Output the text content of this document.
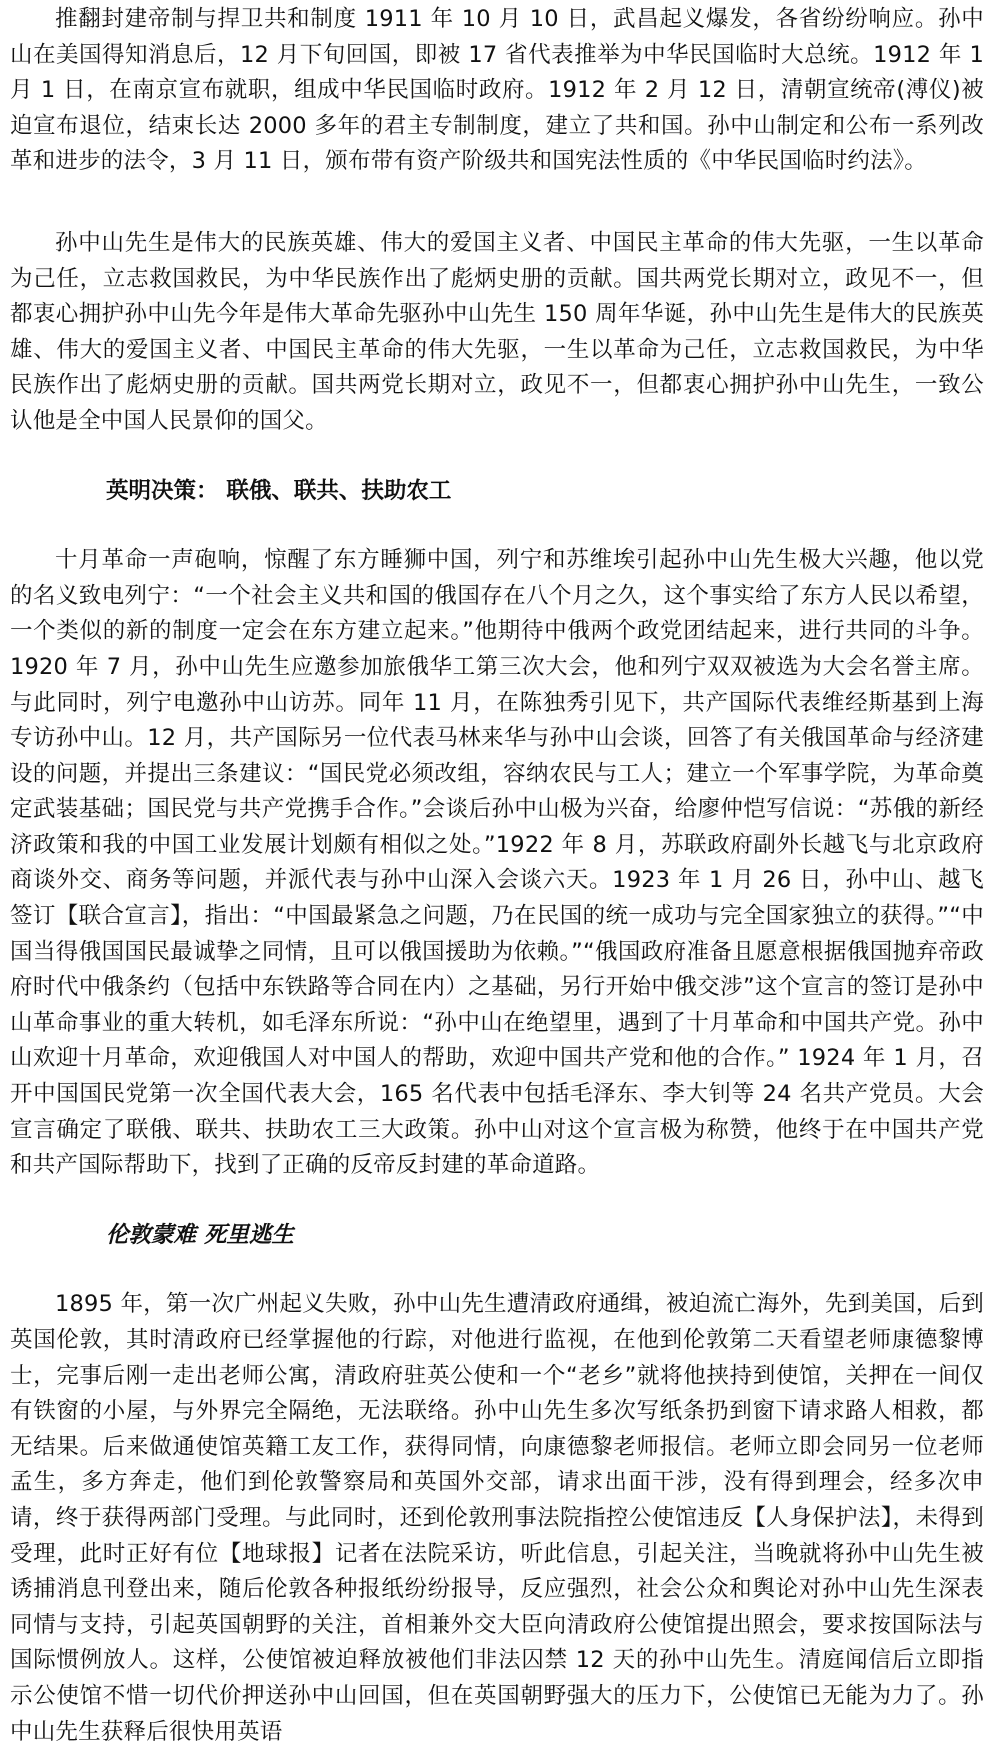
推翻封建帝制与捍卫共和制度 1911 年 10 月 10 日，武昌起义爆发，各省纷纷响应。孙中山在美国得知消息后，12 月下旬回国，即被 17 省代表推举为中华民国临时大总统。1912 年 1 月 1 日，在南京宣布就职，组成中华民国临时政府。1912 年 2 月 12 日，清朝宣统帝(溥仪)被迫宣布退位，结束长达 2000 多年的君主专制制度，建立了共和国。孙中山制定和公布一系列改革和进步的法令，3 月 11 日，颁布带有资产阶级共和国宪法性质的《中华民国临时约法》。

孙中山先生是伟大的民族英雄、伟大的爱国主义者、中国民主革命的伟大先驱，一生以革命为己任，立志救国救民，为中华民族作出了彪炳史册的贡献。国共两党长期对立，政见不一，但都衷心拥护孙中山先今年是伟大革命先驱孙中山先生 150 周年华诞，孙中山先生是伟大的民族英雄、伟大的爱国主义者、中国民主革命的伟大先驱，一生以革命为己任，立志救国救民，为中华民族作出了彪炳史册的贡献。国共两党长期对立，政见不一，但都衷心拥护孙中山先生，一致公认他是全中国人民景仰的国父。

英明决策： 联俄、联共、扶助农工

十月革命一声砲响，惊醒了东方睡狮中国，列宁和苏维埃引起孙中山先生极大兴趣，他以党的名义致电列宁：“一个社会主义共和国的俄国存在八个月之久，这个事实给了东方人民以希望，一个类似的新的制度一定会在东方建立起来。”他期待中俄两个政党团结起来，进行共同的斗争。1920 年 7 月，孙中山先生应邀参加旅俄华工第三次大会，他和列宁双双被选为大会名誉主席。与此同时，列宁电邀孙中山访苏。同年 11 月，在陈独秀引见下，共产国际代表维经斯基到上海专访孙中山。12 月，共产国际另一位代表马林来华与孙中山会谈，回答了有关俄国革命与经济建设的问题，并提出三条建议：“国民党必须改组，容纳农民与工人；建立一个军事学院，为革命奠定武装基础；国民党与共产党携手合作。”会谈后孙中山极为兴奋，给廖仲恺写信说：“苏俄的新经济政策和我的中国工业发展计划颇有相似之处。”1922 年 8 月，苏联政府副外长越飞与北京政府商谈外交、商务等问题，并派代表与孙中山深入会谈六天。1923 年 1 月 26 日，孙中山、越飞签订【联合宣言】，指出：“中国最紧急之问题，乃在民国的统一成功与完全国家独立的获得。”“中国当得俄国国民最诚挚之同情，且可以俄国援助为依赖。”“俄国政府准备且愿意根据俄国抛弃帝政府时代中俄条约（包括中东铁路等合同在内）之基础，另行开始中俄交涉”这个宣言的签订是孙中山革命事业的重大转机，如毛泽东所说：“孙中山在绝望里，遇到了十月革命和中国共产党。孙中山欢迎十月革命，欢迎俄国人对中国人的帮助，欢迎中国共产党和他的合作。” 1924 年 1 月，召开中国国民党第一次全国代表大会，165 名代表中包括毛泽东、李大钊等 24 名共产党员。大会宣言确定了联俄、联共、扶助农工三大政策。孙中山对这个宣言极为称赞，他终于在中国共产党和共产国际帮助下，找到了正确的反帝反封建的革命道路。

伦敦蒙难 死里逃生

1895 年，第一次广州起义失败，孙中山先生遭清政府通缉，被迫流亡海外，先到美国，后到英国伦敦，其时清政府已经掌握他的行踪，对他进行监视，在他到伦敦第二天看望老师康德黎博士，完事后刚一走出老师公寓，清政府驻英公使和一个“老乡”就将他挟持到使馆，关押在一间仅有铁窗的小屋，与外界完全隔绝，无法联络。孙中山先生多次写纸条扔到窗下请求路人相救，都无结果。后来做通使馆英籍工友工作，获得同情，向康德黎老师报信。老师立即会同另一位老师孟生，多方奔走，他们到伦敦警察局和英国外交部，请求出面干涉，没有得到理会，经多次申请，终于获得两部门受理。与此同时，还到伦敦刑事法院指控公使馆违反【人身保护法】，未得到受理，此时正好有位【地球报】记者在法院采访，听此信息，引起关注，当晚就将孙中山先生被诱捕消息刊登出来，随后伦敦各种报纸纷纷报导，反应强烈，社会公众和舆论对孙中山先生深表同情与支持，引起英国朝野的关注，首相兼外交大臣向清政府公使馆提出照会，要求按国际法与国际惯例放人。这样，公使馆被迫释放被他们非法囚禁 12 天的孙中山先生。清庭闻信后立即指示公使馆不惜一切代价押送孙中山回国，但在英国朝野强大的压力下，公使馆已无能为力了。孙中山先生获释后很快用英语
